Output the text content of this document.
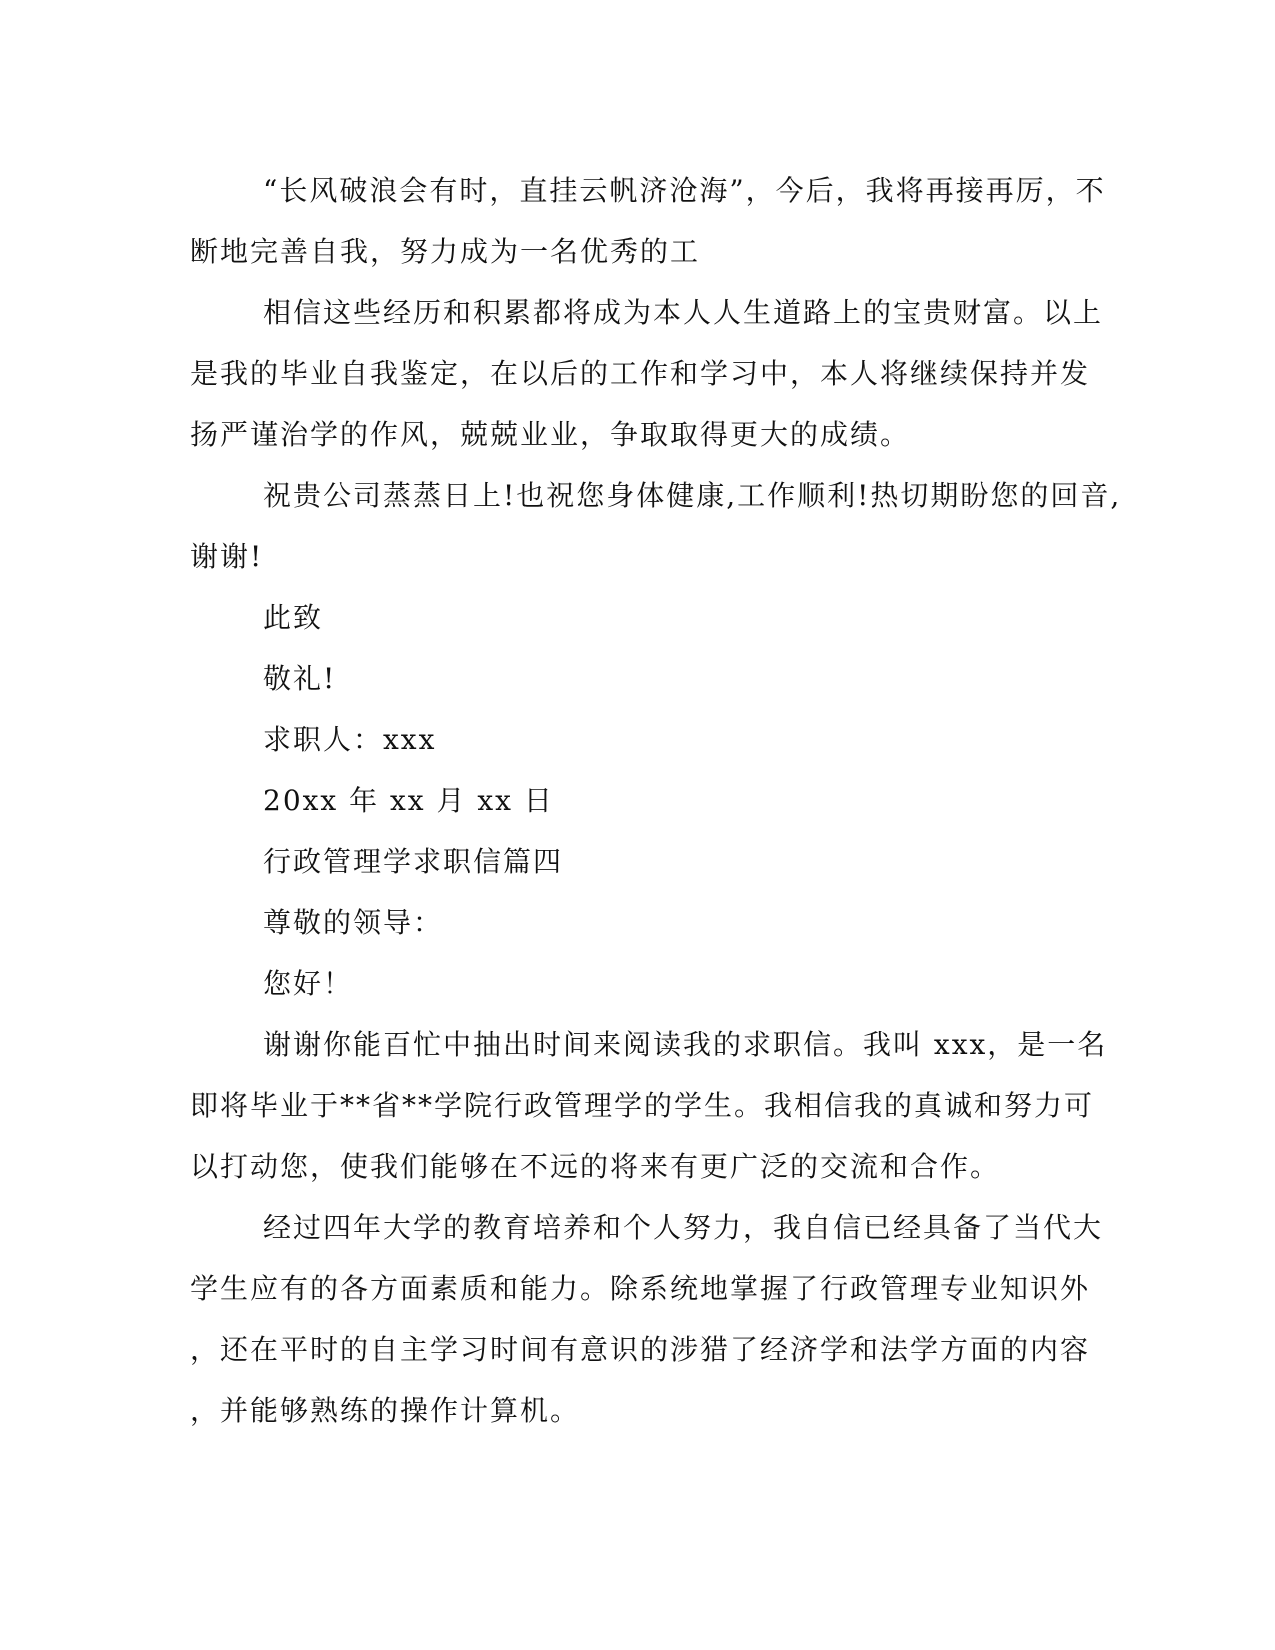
“长风破浪会有时，直挂云帆济沧海”，今后，我将再接再厉，不
断地完善自我，努力成为一名优秀的工
相信这些经历和积累都将成为本人人生道路上的宝贵财富。以上
是我的毕业自我鉴定，在以后的工作和学习中，本人将继续保持并发
扬严谨治学的作风，兢兢业业，争取取得更大的成绩。
祝贵公司蒸蒸日上!也祝您身体健康,工作顺利!热切期盼您的回音,
谢谢!
此致
敬礼!
求职人：xxx
20xx 年 xx 月 xx 日
行政管理学求职信篇四
尊敬的领导：
您好！
谢谢你能百忙中抽出时间来阅读我的求职信。我叫 xxx，是一名
即将毕业于**省**学院行政管理学的学生。我相信我的真诚和努力可
以打动您，使我们能够在不远的将来有更广泛的交流和合作。
经过四年大学的教育培养和个人努力，我自信已经具备了当代大
学生应有的各方面素质和能力。除系统地掌握了行政管理专业知识外
，还在平时的自主学习时间有意识的涉猎了经济学和法学方面的内容
，并能够熟练的操作计算机。
